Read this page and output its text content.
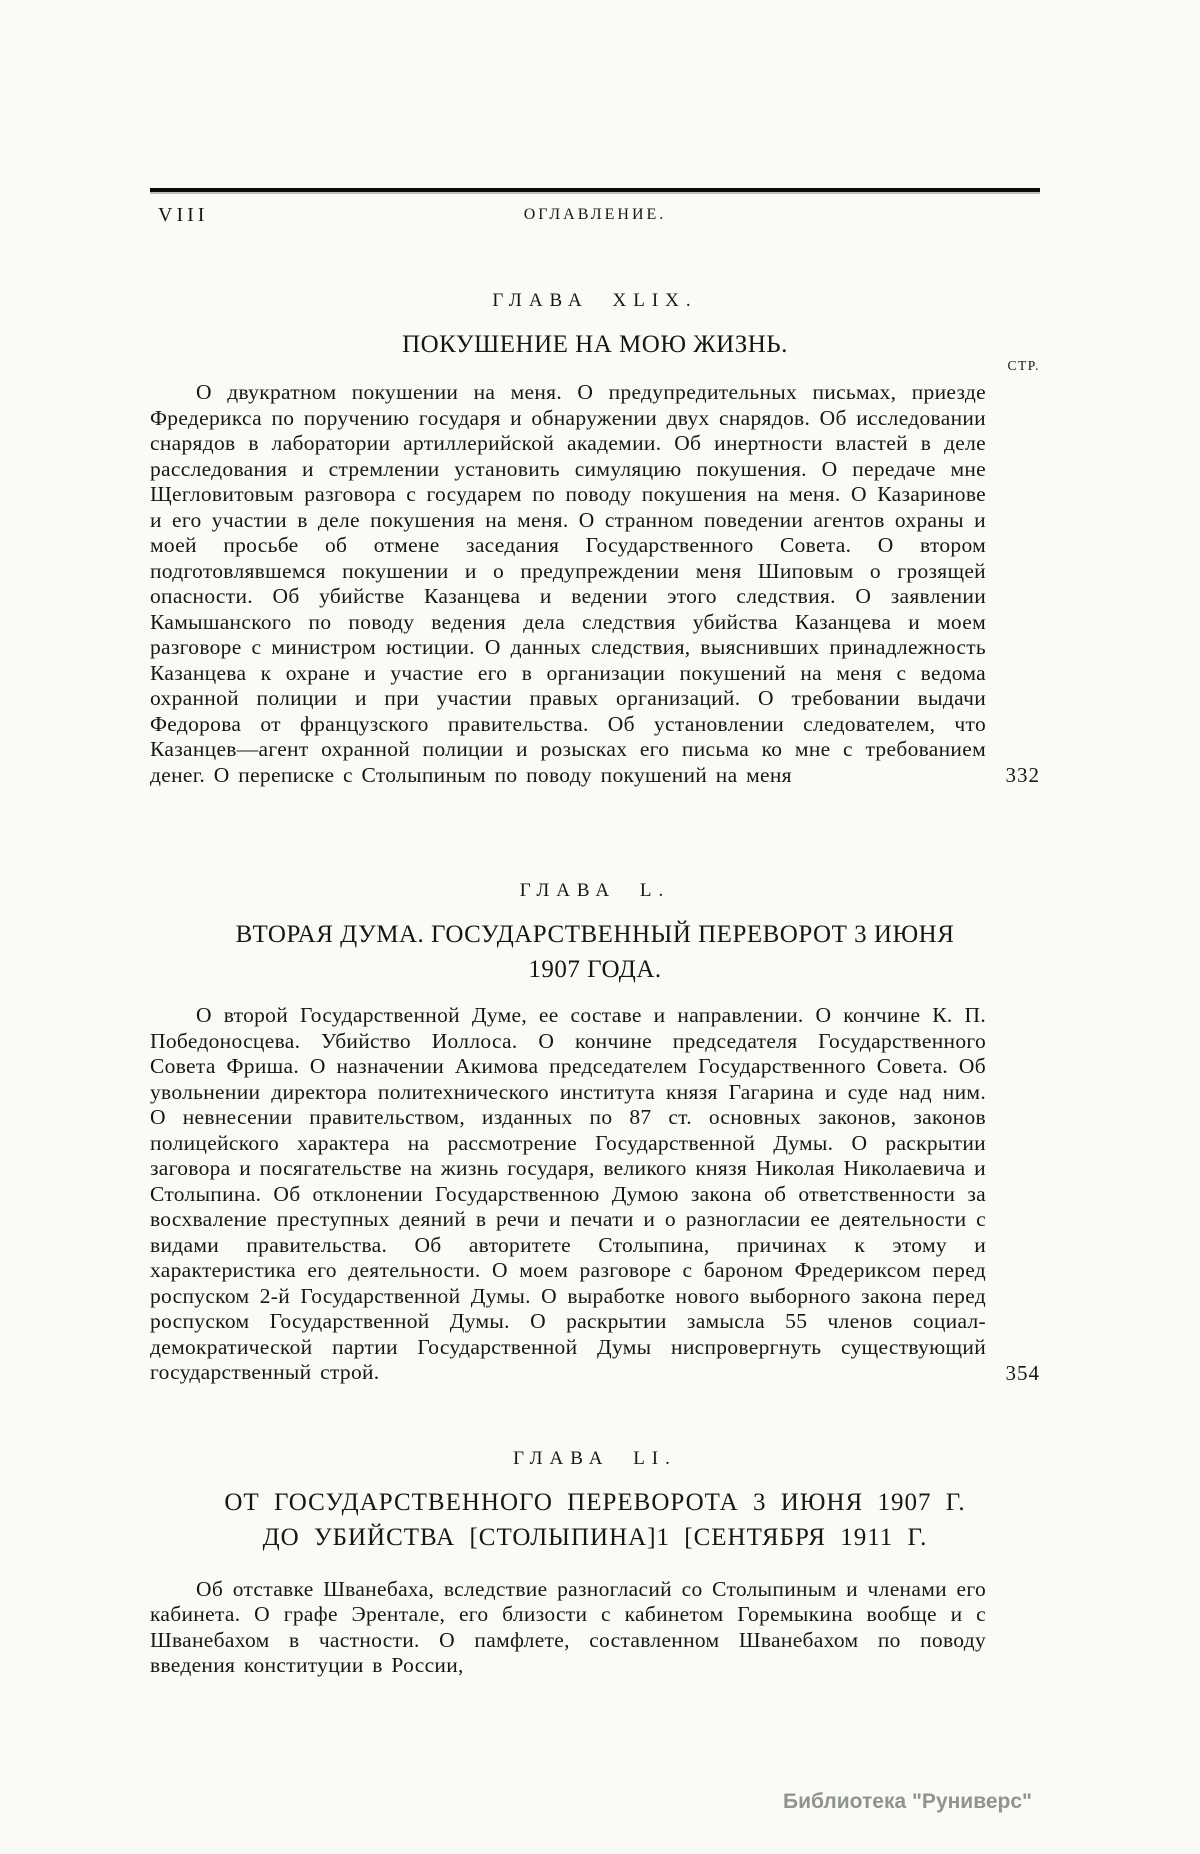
VIII	ОГЛАВЛЕНИЕ.
ГЛАВА XLIX.
ПОКУШЕНИЕ НА МОЮ ЖИЗНЬ.
СТР.

О двукратном покушении на меня. О предупредительных письмах, приезде Фредерикса по поручению государя и обнаружении двух снарядов. Об исследовании снарядов в лаборатории артиллерийской академии. Об инертности властей в деле расследования и стремлении установить симуляцию покушения. О передаче мне Щегловитовым разговора с государем по поводу покушения на меня. О Казаринове и его участии в деле покушения на меня. О странном поведении агентов охраны и моей просьбе об отмене заседания Государственного Совета. О втором подготовлявшемся покушении и о предупреждении меня Шиповым о грозящей опасности. Об убийстве Казанцева и ведении этого следствия. О заявлении Камышанского по поводу ведения дела следствия убийства Казанцева и моем разговоре с министром юстиции. О данных следствия, выяснивших принадлежность Казанцева к охране и участие его в организации покушений на меня с ведома охранной полиции и при участии правых организаций. О требовании выдачи Федорова от французского правительства. Об установлении следователем, что Казанцев—агент охранной полиции и розысках его письма ко мне с требованием денег. О переписке с Столыпиным по поводу покушений на меня	332
ГЛАВА L.
ВТОРАЯ ДУМА. ГОСУДАРСТВЕННЫЙ ПЕРЕВОРОТ 3 ИЮНЯ
1907 ГОДА.

О второй Государственной Думе, ее составе и направлении. О кончине К. П. Победоносцева. Убийство Иоллоса. О кончине председателя Государственного Совета Фриша. О назначении Акимова председателем Государственного Совета. Об увольнении директора политехнического института князя Гагарина и суде над ним. О невнесении правительством, изданных по 87 ст. основных законов, законов полицейского характера на рассмотрение Государственной Думы. О раскрытии заговора и посягательстве на жизнь государя, великого князя Николая Николаевича и Столыпина. Об отклонении Государственною Думою закона об ответственности за восхваление преступных деяний в речи и печати и о разногласии ее деятельности с видами правительства. Об авторитете Столыпина, причинах к этому и характеристика его деятельности. О моем разговоре с бароном Фредериксом перед роспуском 2-й Государственной Думы. О выработке нового выборного закона перед роспуском Государственной Думы. О раскрытии замысла 55 членов социал-демократической партии Государственной Думы ниспровергнуть существующий государственный строй.	354
ГЛАВА LI.
ОТ ГОСУДАРСТВЕННОГО ПЕРЕВОРОТА 3 ИЮНЯ 1907 Г.
ДО УБИЙСТВА [СТОЛЫПИНА]1 [СЕНТЯБРЯ 1911 Г.

Об отставке Шванебаха, вследствие разногласий со Столыпиным и членами его кабинета. О графе Эрентале, его близости с кабинетом Горемыкина вообще и с Шванебахом в частности. О памфлете, составленном Шванебахом по поводу введения конституции в России,

Библиотека "Руниверс"
